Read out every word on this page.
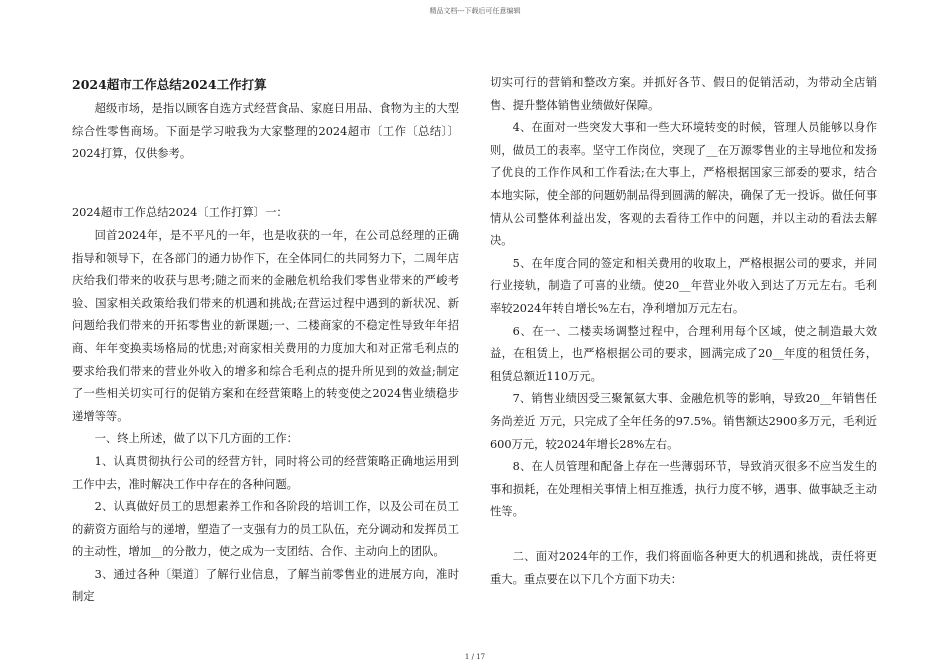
精品文档---下载后可任意编辑

2024超市工作总结2024工作打算

超级市场，是指以顾客自选方式经营食品、家庭日用品、食物为主的大型综合性零售商场。下面是学习啦我为大家整理的2024超市〔工作〔总结〕〕2024打算，仅供参考。

2024超市工作总结2024〔工作打算〕一：

回首2024年，是不平凡的一年，也是收获的一年，在公司总经理的正确指导和领导下，在各部门的通力协作下，在全体同仁的共同努力下，二周年店庆给我们带来的收获与思考;随之而来的金融危机给我们零售业带来的严峻考验、国家相关政策给我们带来的机遇和挑战;在营运过程中遇到的新状况、新问题给我们带来的开拓零售业的新课题;一、二楼商家的不稳定性导致年年招商、年年变换卖场格局的忧患;对商家相关费用的力度加大和对正常毛利点的要求给我们带来的营业外收入的增多和综合毛利点的提升所见到的效益;制定了一些相关切实可行的促销方案和在经营策略上的转变使之2024售业绩稳步递增等等。

一、终上所述，做了以下几方面的工作：

1、认真贯彻执行公司的经营方针，同时将公司的经营策略正确地运用到工作中去，准时解决工作中存在的各种问题。

2、认真做好员工的思想素养工作和各阶段的培训工作，以及公司在员工的薪资方面给与的递增，塑造了一支强有力的员工队伍，充分调动和发挥员工的主动性，增加__的分散力，使之成为一支团结、合作、主动向上的团队。

3、通过各种〔渠道〕了解行业信息，了解当前零售业的进展方向，准时制定

切实可行的营销和整改方案。并抓好各节、假日的促销活动，为带动全店销售、提升整体销售业绩做好保障。

4、在面对一些突发大事和一些大环境转变的时候，管理人员能够以身作则，做员工的表率。坚守工作岗位，突现了__在万源零售业的主导地位和发扬了优良的工作作风和工作看法;在大事上，严格根据国家三部委的要求，结合本地实际，使全部的问题奶制品得到圆满的解决，确保了无一投诉。做任何事情从公司整体利益出发，客观的去看待工作中的问题，并以主动的看法去解决。

5、在年度合同的签定和相关费用的收取上，严格根据公司的要求，并同行业接轨，制造了可喜的业绩。使20__年营业外收入到达了万元左右。毛利率较2024年转自增长%左右，净利增加万元左右。

6、在一、二楼卖场调整过程中，合理利用每个区域，使之制造最大效益，在租赁上，也严格根据公司的要求，圆满完成了20__年度的租赁任务，租赁总额近110万元。

7、销售业绩因受三聚氰氨大事、金融危机等的影响，导致20__年销售任务尚差近 万元，只完成了全年任务的97.5%。销售额达2900多万元，毛利近600万元，较2024年增长28%左右。

8、在人员管理和配备上存在一些薄弱环节，导致消灭很多不应当发生的事和损耗，在处理相关事情上相互推透，执行力度不够，遇事、做事缺乏主动性等。

二、面对2024年的工作，我们将面临各种更大的机遇和挑战，责任将更重大。重点要在以下几个方面下功夫：

1 / 17
